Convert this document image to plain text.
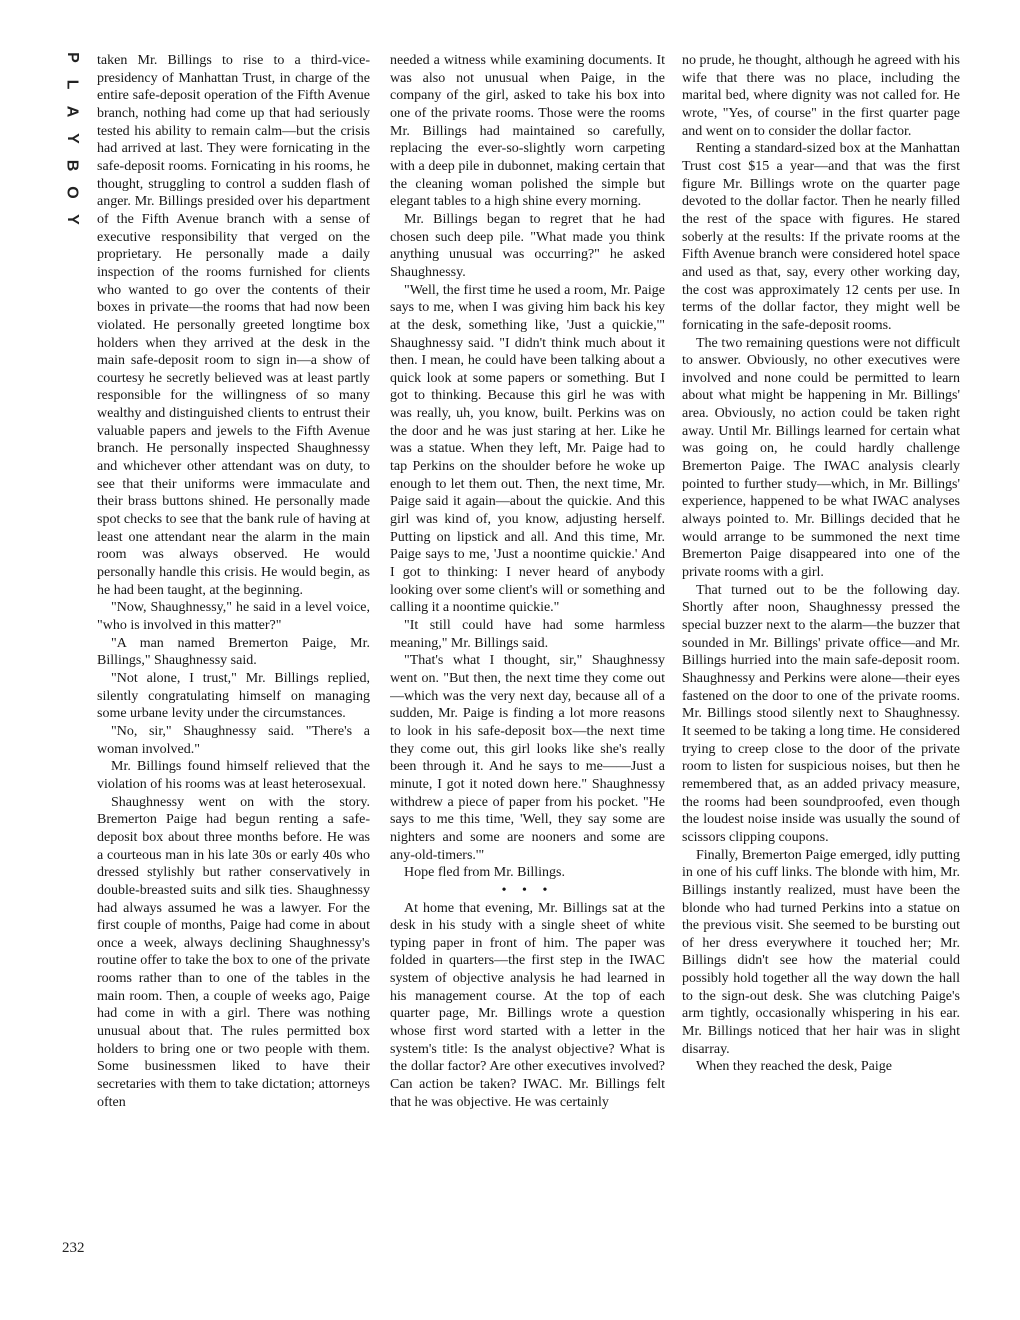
P
L
A
Y
B
O
Y
232

taken Mr. Billings to rise to a third-vice-presidency of Manhattan Trust, in charge of the entire safe-deposit operation of the Fifth Avenue branch, nothing had come up that had seriously tested his ability to remain calm—but the crisis had arrived at last. They were fornicating in the safe-deposit rooms. Fornicating in his rooms, he thought, struggling to control a sudden flash of anger. Mr. Billings presided over his department of the Fifth Avenue branch with a sense of executive responsibility that verged on the proprietary. He personally made a daily inspection of the rooms furnished for clients who wanted to go over the contents of their boxes in private—the rooms that had now been violated. He personally greeted longtime box holders when they arrived at the desk in the main safe-deposit room to sign in—a show of courtesy he secretly believed was at least partly responsible for the willingness of so many wealthy and distinguished clients to entrust their valuable papers and jewels to the Fifth Avenue branch. He personally inspected Shaughnessy and whichever other attendant was on duty, to see that their uniforms were immaculate and their brass buttons shined. He personally made spot checks to see that the bank rule of having at least one attendant near the alarm in the main room was always observed. He would personally handle this crisis. He would begin, as he had been taught, at the beginning.

"Now, Shaughnessy," he said in a level voice, "who is involved in this matter?"

"A man named Bremerton Paige, Mr. Billings," Shaughnessy said.

"Not alone, I trust," Mr. Billings replied, silently congratulating himself on managing some urbane levity under the circumstances.

"No, sir," Shaughnessy said. "There's a woman involved."

Mr. Billings found himself relieved that the violation of his rooms was at least heterosexual.

Shaughnessy went on with the story. Bremerton Paige had begun renting a safe-deposit box about three months before. He was a courteous man in his late 30s or early 40s who dressed stylishly but rather conservatively in double-breasted suits and silk ties. Shaughnessy had always assumed he was a lawyer. For the first couple of months, Paige had come in about once a week, always declining Shaughnessy's routine offer to take the box to one of the private rooms rather than to one of the tables in the main room. Then, a couple of weeks ago, Paige had come in with a girl. There was nothing unusual about that. The rules permitted box holders to bring one or two people with them. Some businessmen liked to have their secretaries with them to take dictation; attorneys often

needed a witness while examining documents. It was also not unusual when Paige, in the company of the girl, asked to take his box into one of the private rooms. Those were the rooms Mr. Billings had maintained so carefully, replacing the ever-so-slightly worn carpeting with a deep pile in dubonnet, making certain that the cleaning woman polished the simple but elegant tables to a high shine every morning.

Mr. Billings began to regret that he had chosen such deep pile. "What made you think anything unusual was occurring?" he asked Shaughnessy.

"Well, the first time he used a room, Mr. Paige says to me, when I was giving him back his key at the desk, something like, 'Just a quickie,'" Shaughnessy said. "I didn't think much about it then. I mean, he could have been talking about a quick look at some papers or something. But I got to thinking. Because this girl he was with was really, uh, you know, built. Perkins was on the door and he was just staring at her. Like he was a statue. When they left, Mr. Paige had to tap Perkins on the shoulder before he woke up enough to let them out. Then, the next time, Mr. Paige said it again—about the quickie. And this girl was kind of, you know, adjusting herself. Putting on lipstick and all. And this time, Mr. Paige says to me, 'Just a noontime quickie.' And I got to thinking: I never heard of anybody looking over some client's will or something and calling it a noontime quickie."

"It still could have had some harmless meaning," Mr. Billings said.

"That's what I thought, sir," Shaughnessy went on. "But then, the next time they come out—which was the very next day, because all of a sudden, Mr. Paige is finding a lot more reasons to look in his safe-deposit box—the next time they come out, this girl looks like she's really been through it. And he says to me——Just a minute, I got it noted down here." Shaughnessy withdrew a piece of paper from his pocket. "He says to me this time, 'Well, they say some are nighters and some are nooners and some are any-old-timers.'"

Hope fled from Mr. Billings.

• • •

At home that evening, Mr. Billings sat at the desk in his study with a single sheet of white typing paper in front of him. The paper was folded in quarters—the first step in the IWAC system of objective analysis he had learned in his management course. At the top of each quarter page, Mr. Billings wrote a question whose first word started with a letter in the system's title: Is the analyst objective? What is the dollar factor? Are other executives involved? Can action be taken? IWAC. Mr. Billings felt that he was objective. He was certainly

no prude, he thought, although he agreed with his wife that there was no place, including the marital bed, where dignity was not called for. He wrote, "Yes, of course" in the first quarter page and went on to consider the dollar factor.

Renting a standard-sized box at the Manhattan Trust cost $15 a year—and that was the first figure Mr. Billings wrote on the quarter page devoted to the dollar factor. Then he nearly filled the rest of the space with figures. He stared soberly at the results: If the private rooms at the Fifth Avenue branch were considered hotel space and used as that, say, every other working day, the cost was approximately 12 cents per use. In terms of the dollar factor, they might well be fornicating in the safe-deposit rooms.

The two remaining questions were not difficult to answer. Obviously, no other executives were involved and none could be permitted to learn about what might be happening in Mr. Billings' area. Obviously, no action could be taken right away. Until Mr. Billings learned for certain what was going on, he could hardly challenge Bremerton Paige. The IWAC analysis clearly pointed to further study—which, in Mr. Billings' experience, happened to be what IWAC analyses always pointed to. Mr. Billings decided that he would arrange to be summoned the next time Bremerton Paige disappeared into one of the private rooms with a girl.

That turned out to be the following day. Shortly after noon, Shaughnessy pressed the special buzzer next to the alarm—the buzzer that sounded in Mr. Billings' private office—and Mr. Billings hurried into the main safe-deposit room. Shaughnessy and Perkins were alone—their eyes fastened on the door to one of the private rooms. Mr. Billings stood silently next to Shaughnessy. It seemed to be taking a long time. He considered trying to creep close to the door of the private room to listen for suspicious noises, but then he remembered that, as an added privacy measure, the rooms had been soundproofed, even though the loudest noise inside was usually the sound of scissors clipping coupons.

Finally, Bremerton Paige emerged, idly putting in one of his cuff links. The blonde with him, Mr. Billings instantly realized, must have been the blonde who had turned Perkins into a statue on the previous visit. She seemed to be bursting out of her dress everywhere it touched her; Mr. Billings didn't see how the material could possibly hold together all the way down the hall to the sign-out desk. She was clutching Paige's arm tightly, occasionally whispering in his ear. Mr. Billings noticed that her hair was in slight disarray.

When they reached the desk, Paige
